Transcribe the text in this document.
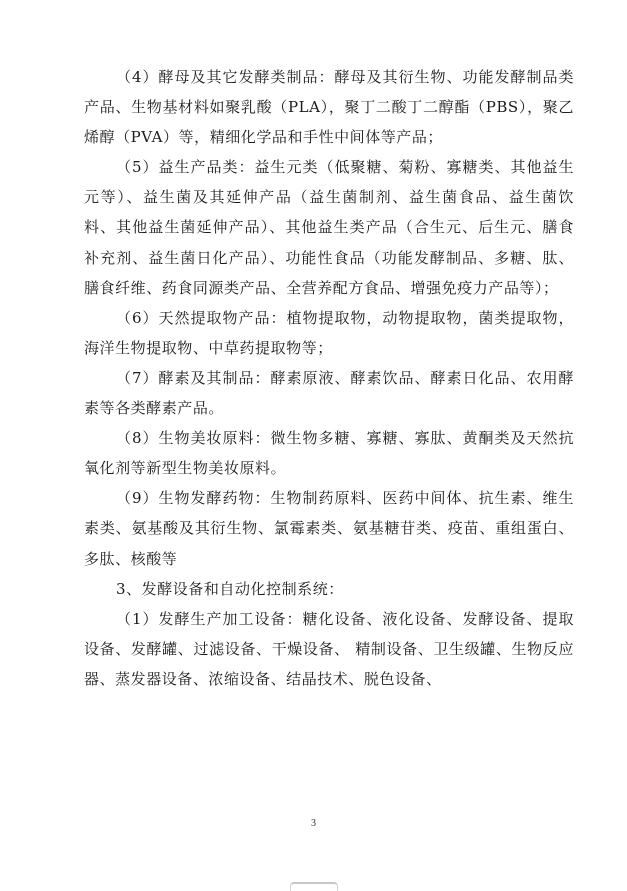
（4）酵母及其它发酵类制品：酵母及其衍生物、功能发酵制品类产品、生物基材料如聚乳酸（PLA），聚丁二酸丁二醇酯（PBS），聚乙烯醇（PVA）等，精细化学品和手性中间体等产品；

（5）益生产品类：益生元类（低聚糖、菊粉、寡糖类、其他益生元等）、益生菌及其延伸产品（益生菌制剂、益生菌食品、益生菌饮料、其他益生菌延伸产品）、其他益生类产品（合生元、后生元、膳食补充剂、益生菌日化产品）、功能性食品（功能发酵制品、多糖、肽、膳食纤维、药食同源类产品、全营养配方食品、增强免疫力产品等）；

（6）天然提取物产品：植物提取物，动物提取物，菌类提取物，海洋生物提取物、中草药提取物等；

（7）酵素及其制品：酵素原液、酵素饮品、酵素日化品、农用酵素等各类酵素产品。

（8）生物美妆原料：微生物多糖、寡糖、寡肽、黄酮类及天然抗氧化剂等新型生物美妆原料。

（9）生物发酵药物：生物制药原料、医药中间体、抗生素、维生素类、氨基酸及其衍生物、氯霉素类、氨基糖苷类、疫苗、重组蛋白、多肽、核酸等

3、发酵设备和自动化控制系统：

（1）发酵生产加工设备：糖化设备、液化设备、发酵设备、提取设备、发酵罐、过滤设备、干燥设备、 精制设备、卫生级罐、生物反应器、蒸发器设备、浓缩设备、结晶技术、脱色设备、

3
